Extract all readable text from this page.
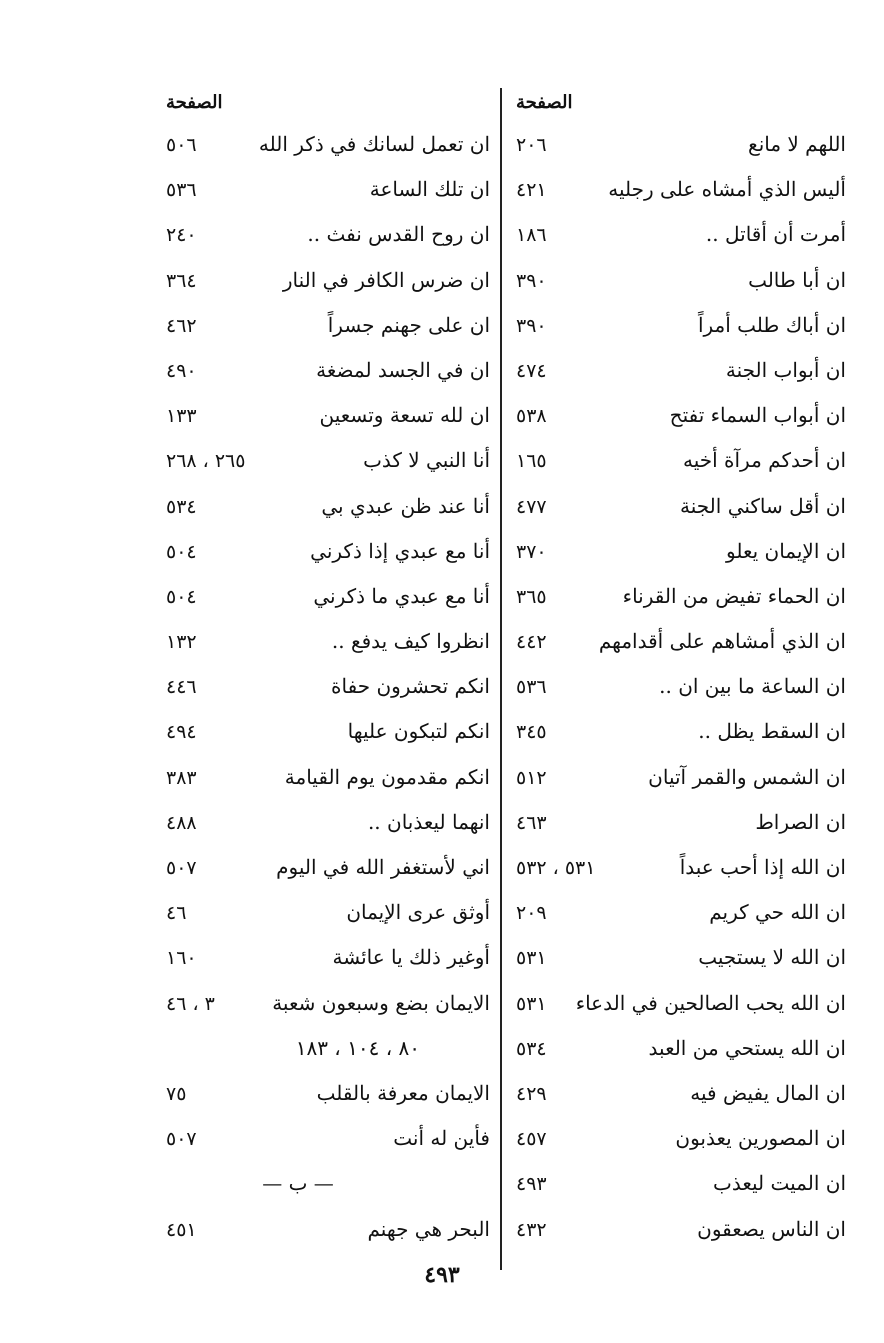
الصفحة
اللهم لا مانع
٢٠٦
أليس الذي أمشاه على رجليه
٤٢١
أمرت أن أقاتل ..
١٨٦
ان أبا طالب
٣٩٠
ان أباك طلب أمراً
٣٩٠
ان أبواب الجنة
٤٧٤
ان أبواب السماء تفتح
٥٣٨
ان أحدكم مرآة أخيه
١٦٥
ان أقل ساكني الجنة
٤٧٧
ان الإيمان يعلو
٣٧٠
ان الحماء تفيض من القرناء
٣٦٥
ان الذي أمشاهم على أقدامهم
٤٤٢
ان الساعة ما بين ان ..
٥٣٦
ان السقط يظل ..
٣٤٥
ان الشمس والقمر آتيان
٥١٢
ان الصراط
٤٦٣
ان الله إذا أحب عبداً
٥٣١ ، ٥٣٢
ان الله حي كريم
٢٠٩
ان الله لا يستجيب
٥٣١
ان الله يحب الصالحين في الدعاء
٥٣١
ان الله يستحي من العبد
٥٣٤
ان المال يفيض فيه
٤٢٩
ان المصورين يعذبون
٤٥٧
ان الميت ليعذب
٤٩٣
ان الناس يصعقون
٤٣٢
الصفحة
ان تعمل لسانك في ذكر الله
٥٠٦
ان تلك الساعة
٥٣٦
ان روح القدس نفث ..
٢٤٠
ان ضرس الكافر في النار
٣٦٤
ان على جهنم جسراً
٤٦٢
ان في الجسد لمضغة
٤٩٠
ان لله تسعة وتسعين
١٣٣
أنا النبي لا كذب
٢٦٥ ، ٢٦٨
أنا عند ظن عبدي بي
٥٣٤
أنا مع عبدي إذا ذكرني
٥٠٤
أنا مع عبدي ما ذكرني
٥٠٤
انظروا كيف يدفع ..
١٣٢
انكم تحشرون حفاة
٤٤٦
انكم لتبكون عليها
٤٩٤
انكم مقدمون يوم القيامة
٣٨٣
انهما ليعذبان ..
٤٨٨
اني لأستغفر الله في اليوم
٥٠٧
أوثق عرى الإيمان
٤٦
أوغير ذلك يا عائشة
١٦٠
الايمان بضع وسبعون شعبة
٣ ، ٤٦
٨٠ ، ١٠٤ ، ١٨٣
الايمان معرفة بالقلب
٧٥
فأين له أنت
٥٠٧
— ب —
البحر هي جهنم
٤٥١
٤٩٣
